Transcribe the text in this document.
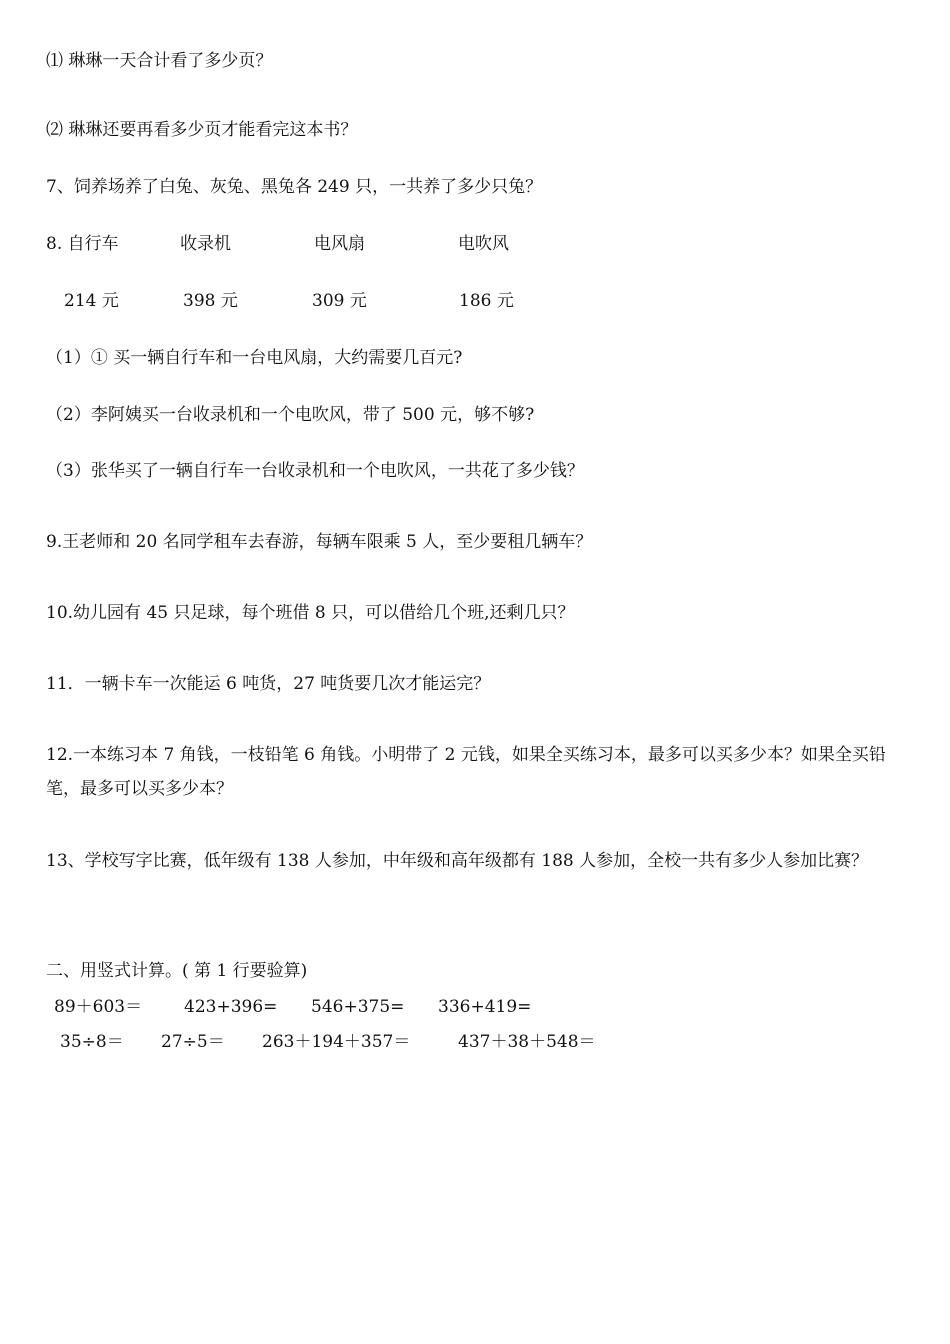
⑴ 琳琳一天合计看了多少页？
⑵ 琳琳还要再看多少页才能看完这本书？
7、饲养场养了白兔、灰兔、黑兔各 249 只，一共养了多少只兔？
8. 自行车	收录机	电风扇	电吹风
214 元	398 元	309 元	186 元
（1）① 买一辆自行车和一台电风扇，大约需要几百元?
（2）李阿姨买一台收录机和一个电吹风，带了 500 元，够不够?
（3）张华买了一辆自行车一台收录机和一个电吹风，一共花了多少钱？
9.王老师和 20 名同学租车去春游，每辆车限乘 5 人，至少要租几辆车？
10.幼儿园有 45 只足球，每个班借 8 只，可以借给几个班,还剩几只？
11．一辆卡车一次能运 6 吨货，27 吨货要几次才能运完？
12.一本练习本 7 角钱，一枝铅笔 6 角钱。小明带了 2 元钱，如果全买练习本，最多可以买多少本？如果全买铅笔，最多可以买多少本？
13、学校写字比赛，低年级有 138 人参加，中年级和高年级都有 188 人参加，全校一共有多少人参加比赛？
二、用竖式计算。( 第 1 行要验算)
89＋603＝ 423+396= 546+375= 336+419=
35÷8＝ 27÷5＝ 263＋194＋357＝	437＋38＋548＝
